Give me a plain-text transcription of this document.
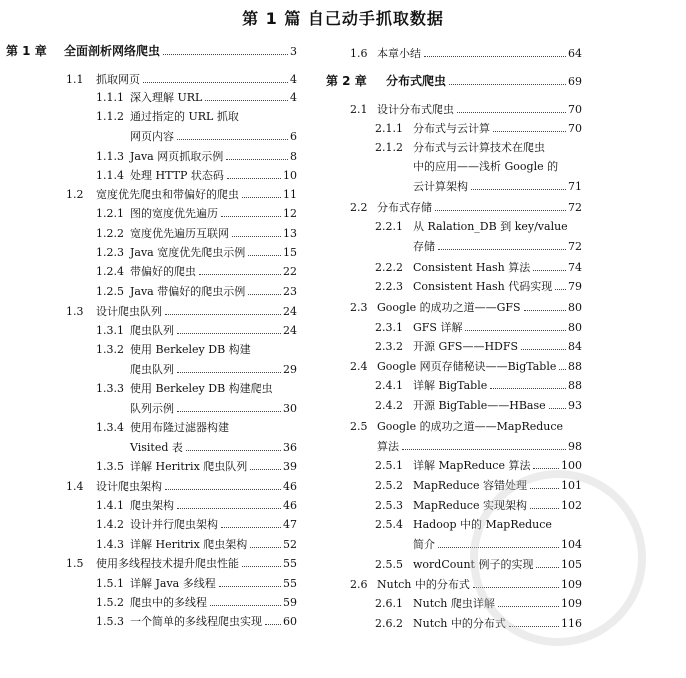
第 1 篇 自己动手抓取数据
第 1 章	全面剖析网络爬虫	3
1.1	抓取网页	4
1.1.1 深入理解 URL	4
1.1.2 通过指定的 URL 抓取
网页内容	6
1.1.3 Java 网页抓取示例	8
1.1.4 处理 HTTP 状态码	10
1.2	宽度优先爬虫和带偏好的爬虫	11
1.2.1 图的宽度优先遍历	12
1.2.2 宽度优先遍历互联网	13
1.2.3 Java 宽度优先爬虫示例	15
1.2.4 带偏好的爬虫	22
1.2.5 Java 带偏好的爬虫示例	23
1.3	设计爬虫队列	24
1.3.1 爬虫队列	24
1.3.2 使用 Berkeley DB 构建
爬虫队列	29
1.3.3 使用 Berkeley DB 构建爬虫
队列示例	30
1.3.4 使用布隆过滤器构建
Visited 表	36
1.3.5 详解 Heritrix 爬虫队列	39
1.4	设计爬虫架构	46
1.4.1 爬虫架构	46
1.4.2 设计并行爬虫架构	47
1.4.3 详解 Heritrix 爬虫架构	52
1.5	使用多线程技术提升爬虫性能	55
1.5.1 详解 Java 多线程	55
1.5.2 爬虫中的多线程	59
1.5.3 一个简单的多线程爬虫实现 60
1.6 本章小结	64
第 2 章	分布式爬虫	69
2.1 设计分布式爬虫	70
2.1.1 分布式与云计算	70
2.1.2 分布式与云计算技术在爬虫
中的应用——浅析 Google 的
云计算架构	71
2.2 分布式存储	72
2.2.1 从 Ralation_DB 到 key/value
存储	72
2.2.2 Consistent Hash 算法	74
2.2.3 Consistent Hash 代码实现 79
2.3 Google 的成功之道——GFS	80
2.3.1 GFS 详解	80
2.3.2 开源 GFS——HDFS	84
2.4 Google 网页存储秘诀——BigTable 88
2.4.1 详解 BigTable	88
2.4.2 开源 BigTable——HBase 93
2.5 Google 的成功之道——MapReduce
算法	98
2.5.1 详解 MapReduce 算法	100
2.5.2 MapReduce 容错处理	101
2.5.3 MapReduce 实现架构	102
2.5.4 Hadoop 中的 MapReduce
简介	104
2.5.5 wordCount 例子的实现	105
2.6 Nutch 中的分布式	109
2.6.1 Nutch 爬虫详解	109
2.6.2 Nutch 中的分布式	116
